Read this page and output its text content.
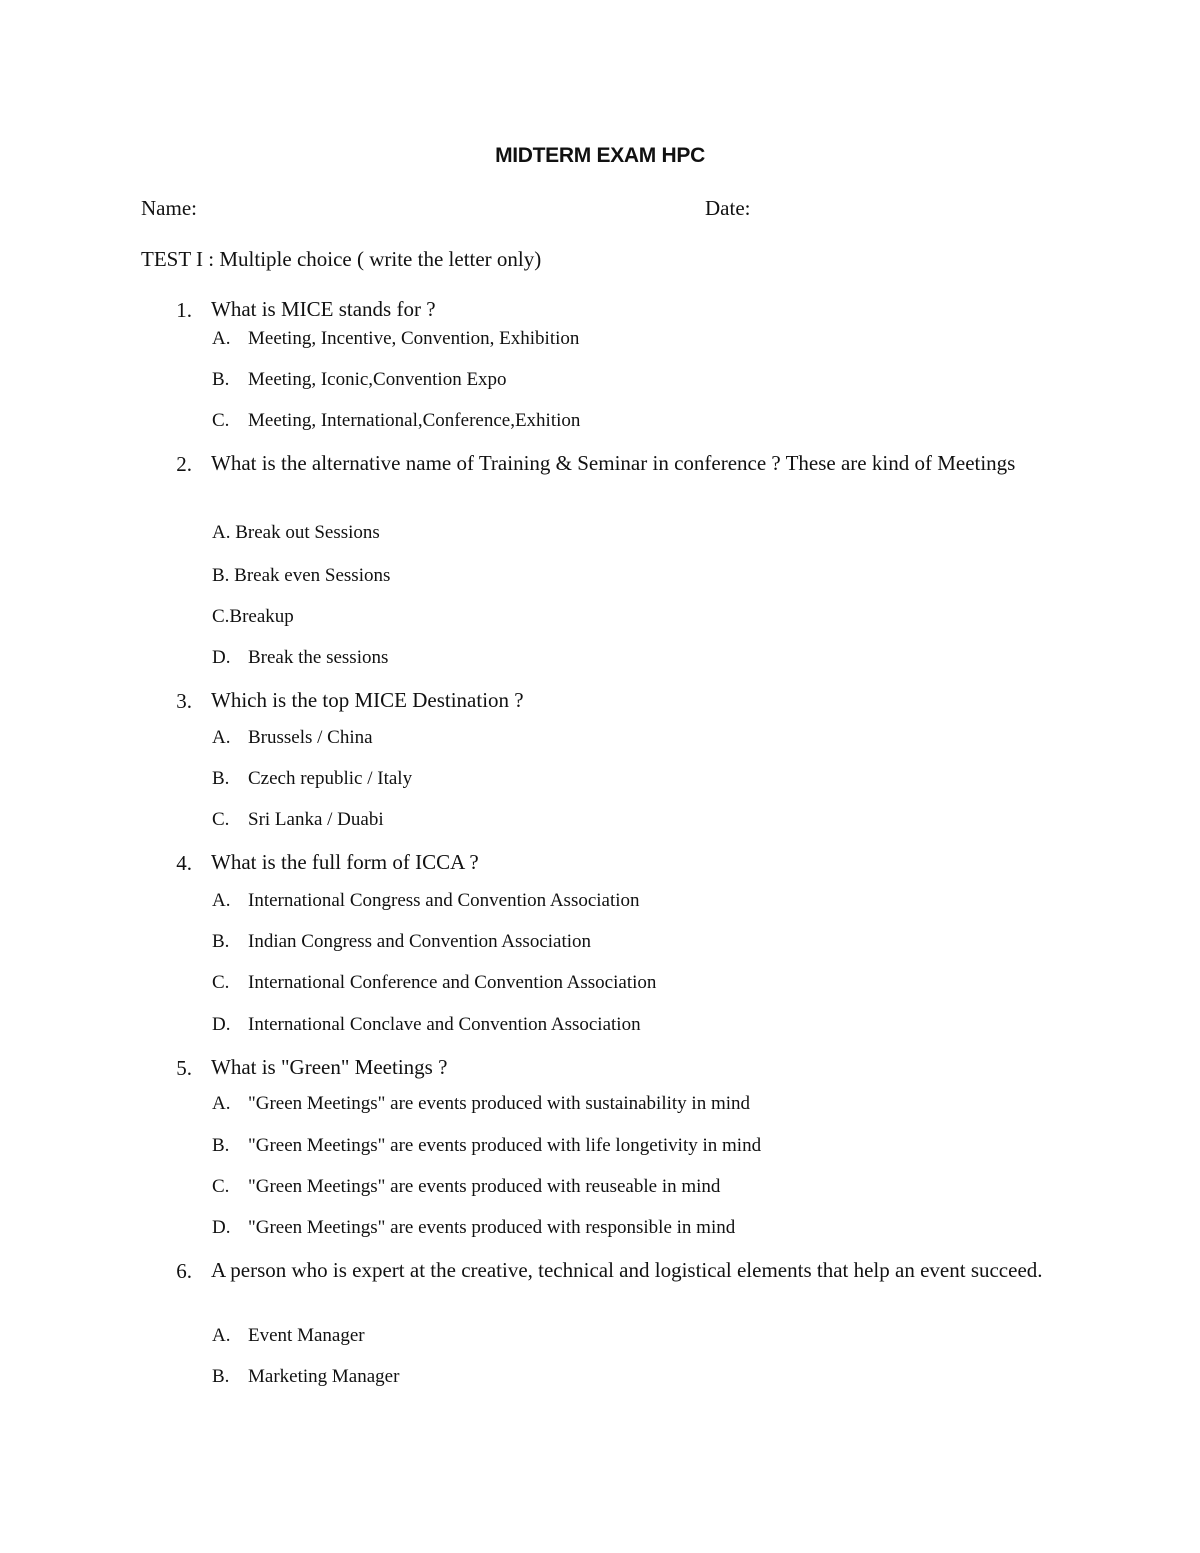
MIDTERM EXAM HPC
Name:	Date:
TEST I : Multiple choice ( write the letter only)
1. What is MICE stands for ?
A. Meeting, Incentive, Convention, Exhibition
B. Meeting, Iconic,Convention Expo
C. Meeting, International,Conference,Exhition
2. What is the alternative name of Training & Seminar in conference ? These are kind of Meetings
A. Break out Sessions
B. Break even Sessions
C.Breakup
D. Break the sessions
3. Which is the top MICE Destination ?
A. Brussels / China
B. Czech republic / Italy
C. Sri Lanka / Duabi
4. What is the full form of ICCA ?
A. International Congress and Convention Association
B. Indian Congress and Convention Association
C. International Conference and Convention Association
D. International Conclave and Convention Association
5. What is "Green" Meetings ?
A. "Green Meetings" are events produced with sustainability in mind
B. "Green Meetings" are events produced with life longetivity in mind
C. "Green Meetings" are events produced with reuseable in mind
D. "Green Meetings" are events produced with responsible in mind
6. A person who is expert at the creative, technical and logistical elements that help an event succeed.
A. Event Manager
B. Marketing Manager
